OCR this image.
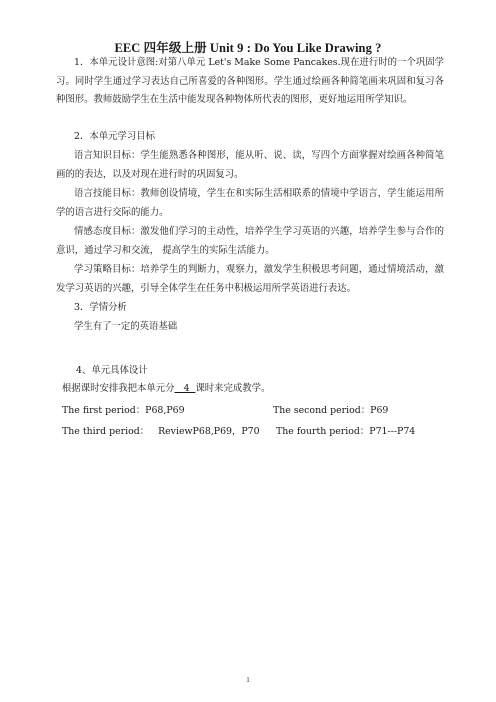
EEC 四年级上册 Unit 9 : Do You Like Drawing ?
1．本单元设计意图:对第八单元 Let's Make Some Pancakes.现在进行时的一个巩固学习。同时学生通过学习表达自己所喜爱的各种图形。学生通过绘画各种简笔画来巩固和复习各种图形。教师鼓励学生在生活中能发现各种物体所代表的图形，更好地运用所学知识。
2．本单元学习目标
语言知识目标：学生能熟悉各种图形，能从听、说、读，写四个方面掌握对绘画各种简笔画的的表达，以及对现在进行时的巩固复习。
语言技能目标：教师创设情境，学生在和实际生活相联系的情境中学语言，学生能运用所学的语言进行交际的能力。
情感态度目标：激发他们学习的主动性，培养学生学习英语的兴趣，培养学生参与合作的意识，通过学习和交流， 提高学生的实际生活能力。
学习策略目标：培养学生的判断力，观察力，激发学生积极思考问题，通过情境活动，激发学习英语的兴趣，引导全体学生在任务中积极运用所学英语进行表达。
3．学情分析
学生有了一定的英语基础
4、单元具体设计
根据课时安排我把本单元分   4  课时来完成教学。
The first period：P68,P69	The second period：P69
The third period：   ReviewP68,P69，P70 The fourth period：P71---P74
1
